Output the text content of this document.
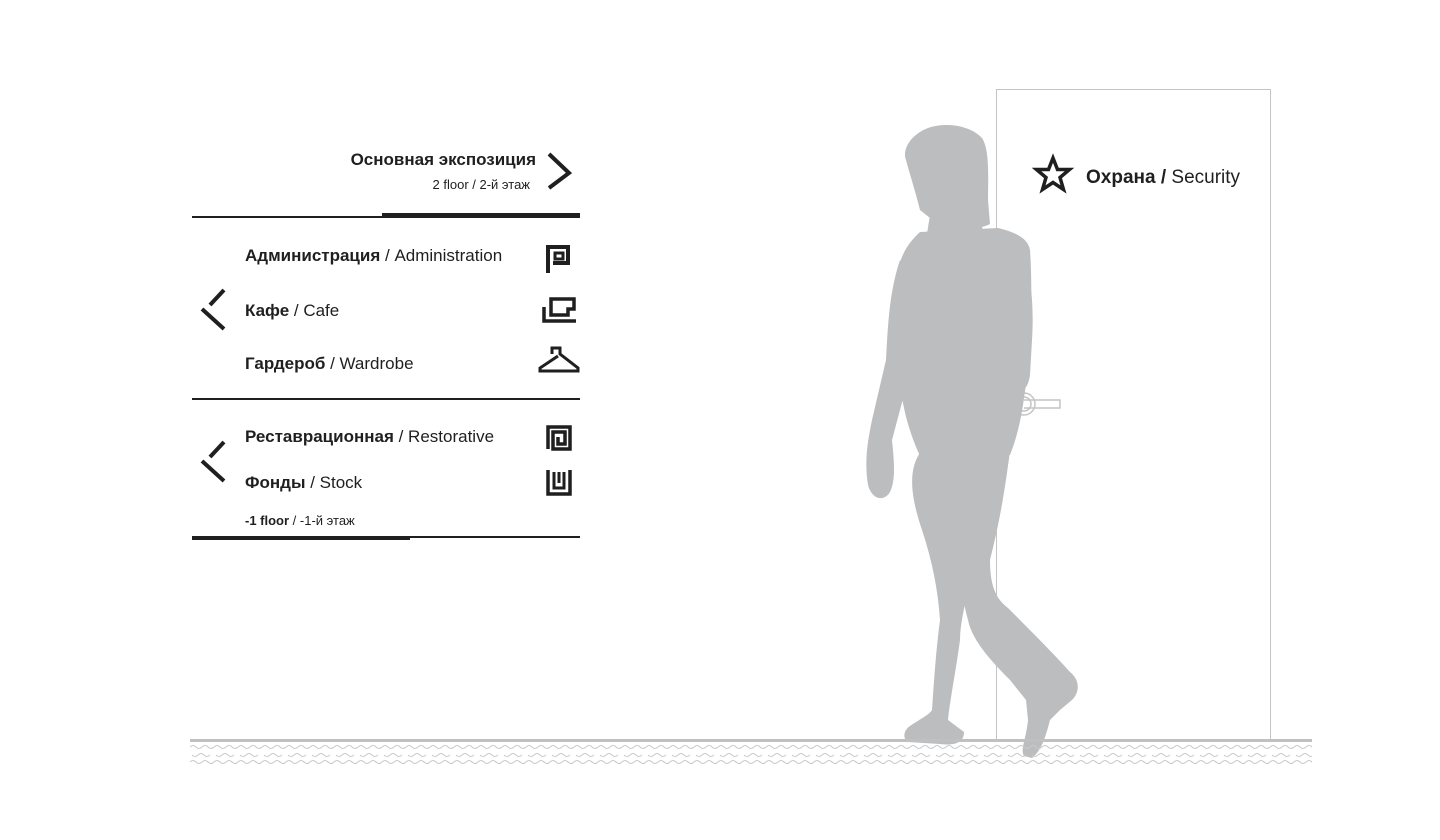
Основная экспозиция
2 floor / 2-й этаж
Администрация / Administration
Кафе / Cafe
Гардероб / Wardrobe
Реставрационная / Restorative
Фонды / Stock
-1 floor / -1-й этаж
Охрана / Security
